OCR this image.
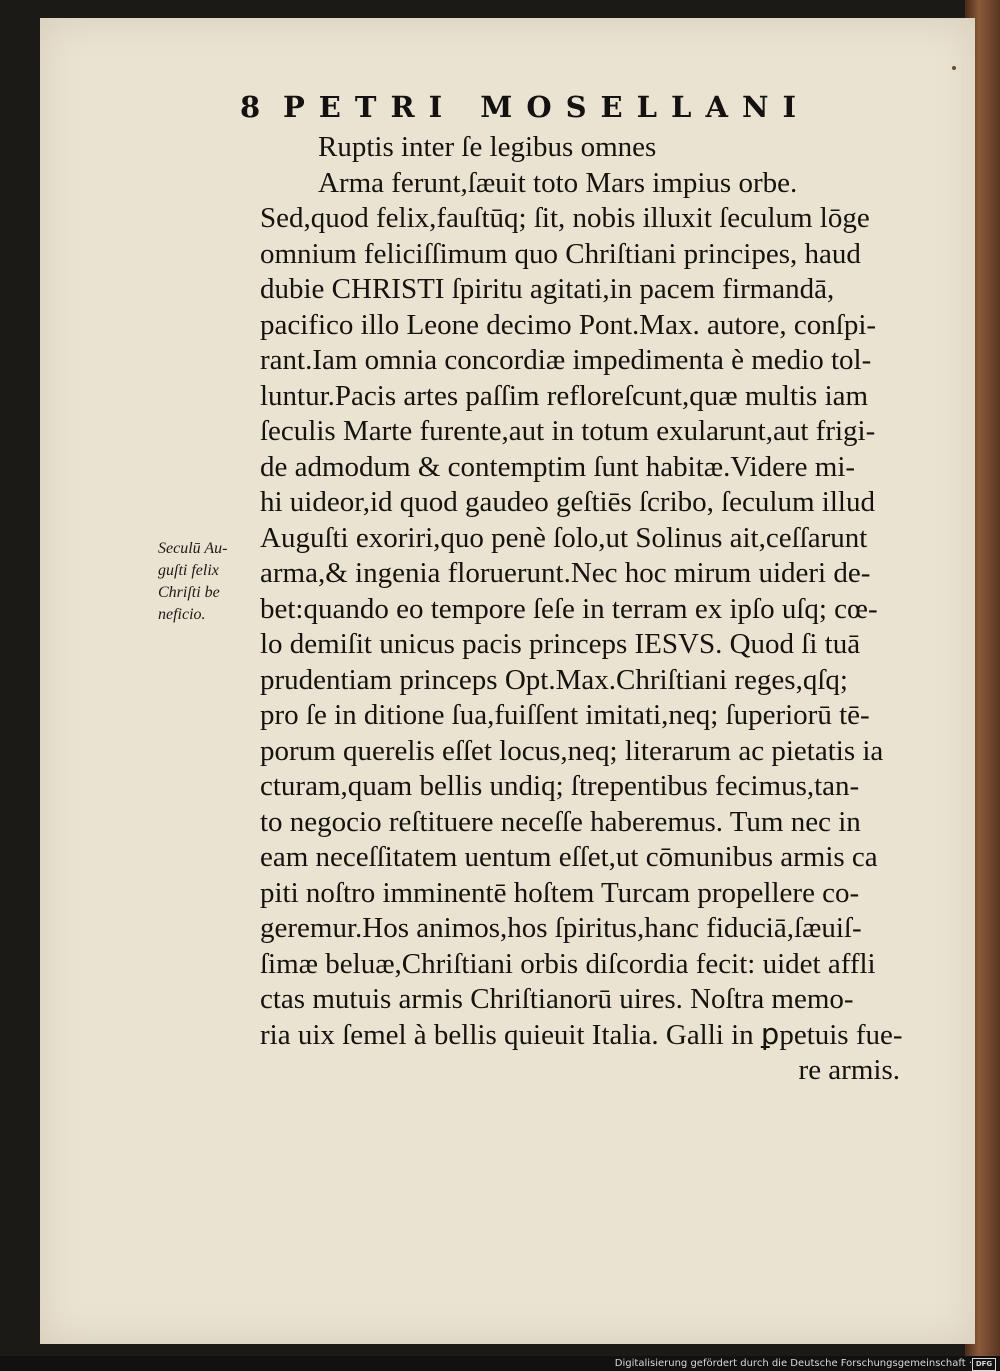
8 PETRI MOSELLANI
Seculū Au-
guſti felix
Chriſti be
neficio.
Ruptis inter ſe legibus omnes
Arma ferunt,ſæuit toto Mars impius orbe.
Sed,quod felix,fauſtūq; ſit, nobis illuxit ſeculum lōge
omnium feliciſſimum quo Chriſtiani principes, haud
dubie CHRISTI ſpiritu agitati,in pacem firmandā,
pacifico illo Leone decimo Pont.Max. autore, conſpi-
rant.Iam omnia concordiæ impedimenta è medio tol-
luntur.Pacis artes paſſim refloreſcunt,quæ multis iam
ſeculis Marte furente,aut in totum exularunt,aut frigi-
de admodum & contemptim ſunt habitæ.Videre mi-
hi uideor,id quod gaudeo geſtiēs ſcribo, ſeculum illud
Auguſti exoriri,quo penè ſolo,ut Solinus ait,ceſſarunt
arma,& ingenia floruerunt.Nec hoc mirum uideri de-
bet:quando eo tempore ſeſe in terram ex ipſo uſq; cœ-
lo demiſit unicus pacis princeps IESVS. Quod ſi tuā
prudentiam princeps Opt.Max.Chriſtiani reges,qſq;
pro ſe in ditione ſua,fuiſſent imitati,neq; ſuperiorū tē-
porum querelis eſſet locus,neq; literarum ac pietatis ia
cturam,quam bellis undiq; ſtrepentibus fecimus,tan-
to negocio reſtituere neceſſe haberemus. Tum nec in
eam neceſſitatem uentum eſſet,ut cōmunibus armis ca
piti noſtro imminentē hoſtem Turcam propellere co-
geremur.Hos animos,hos ſpiritus,hanc fiduciā,ſæuiſ-
ſimæ beluæ,Chriſtiani orbis diſcordia fecit: uidet affli
ctas mutuis armis Chriſtianorū uires. Noſtra memo-
ria uix ſemel à bellis quieuit Italia. Galli in ꝑpetuis fue-
re armis.
Digitalisierung gefördert durch die Deutsche Forschungsgemeinschaft · DFG
